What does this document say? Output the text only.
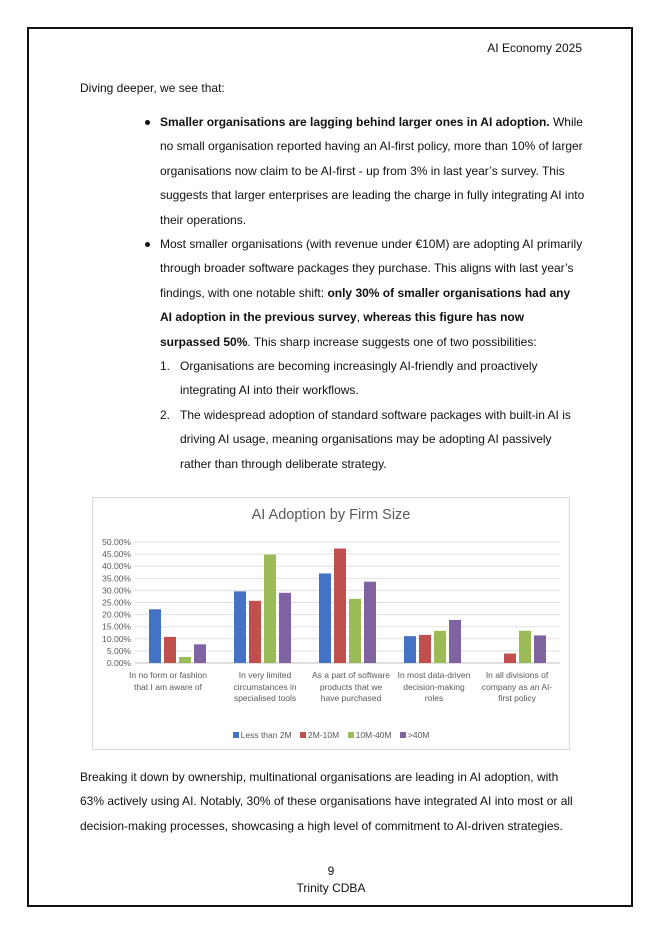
AI Economy 2025
Diving deeper, we see that:
Smaller organisations are lagging behind larger ones in AI adoption. While no small organisation reported having an AI-first policy, more than 10% of larger organisations now claim to be AI-first - up from 3% in last year’s survey. This suggests that larger enterprises are leading the charge in fully integrating AI into their operations.
Most smaller organisations (with revenue under €10M) are adopting AI primarily through broader software packages they purchase. This aligns with last year’s findings, with one notable shift: only 30% of smaller organisations had any AI adoption in the previous survey, whereas this figure has now surpassed 50%. This sharp increase suggests one of two possibilities:
1. Organisations are becoming increasingly AI-friendly and proactively integrating AI into their workflows.
2. The widespread adoption of standard software packages with built-in AI is driving AI usage, meaning organisations may be adopting AI passively rather than through deliberate strategy.
AI Adoption by Firm Size
0.00%
5.00%
10.00%
15.00%
20.00%
25.00%
30.00%
35.00%
40.00%
45.00%
50.00%
In no form or fashion that I am aware of
In very limited circumstances in specialised tools
As a part of software products that we have purchased
In most data-driven decision-making roles
In all divisions of company as an AI-first policy
Less than 2M 2M-10M 10M-40M >40M
Breaking it down by ownership, multinational organisations are leading in AI adoption, with 63% actively using AI. Notably, 30% of these organisations have integrated AI into most or all decision-making processes, showcasing a high level of commitment to AI-driven strategies.
9
Trinity CDBA
